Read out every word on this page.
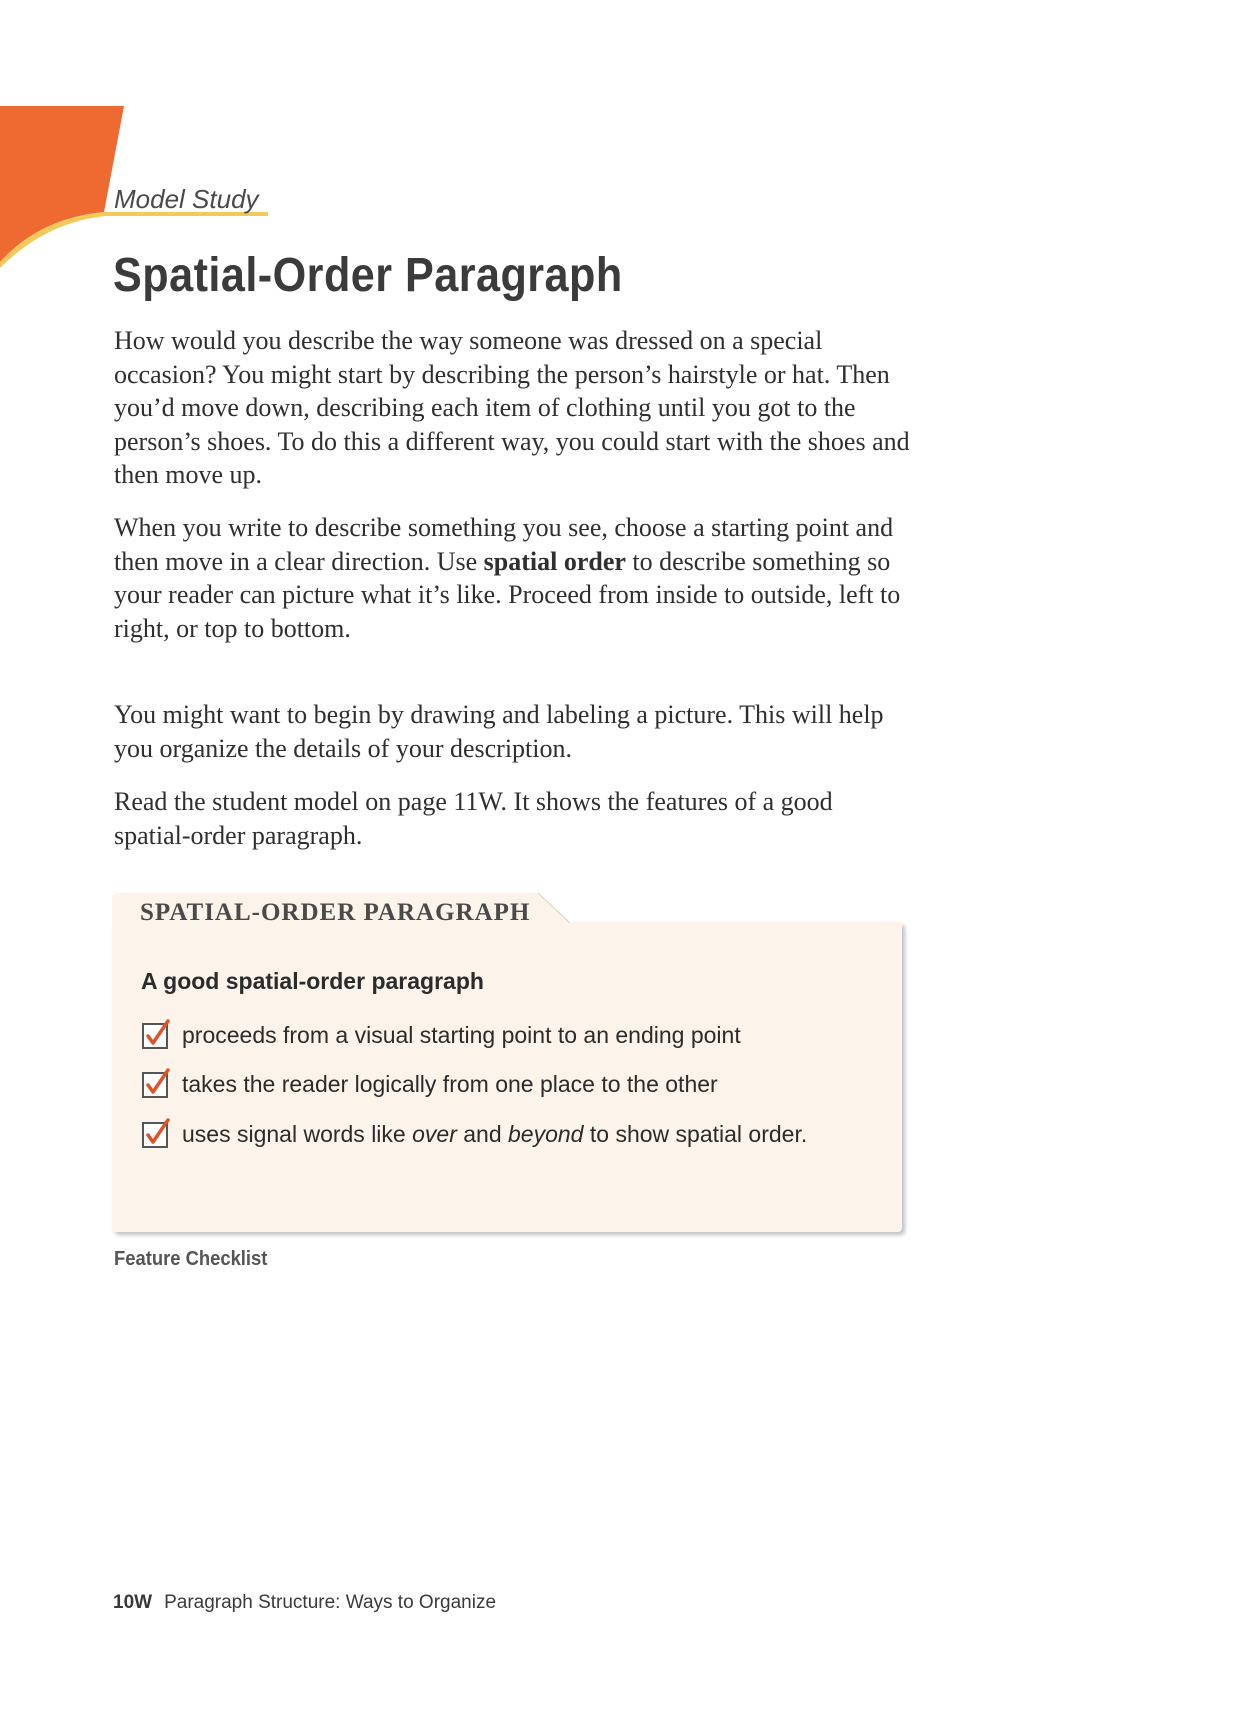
Model Study
Spatial-Order Paragraph

How would you describe the way someone was dressed on a special occasion? You might start by describing the person’s hairstyle or hat. Then you’d move down, describing each item of clothing until you got to the person’s shoes. To do this a different way, you could start with the shoes and then move up.

When you write to describe something you see, choose a starting point and then move in a clear direction. Use spatial order to describe something so your reader can picture what it’s like. Proceed from inside to outside, left to right, or top to bottom.

You might want to begin by drawing and labeling a picture. This will help you organize the details of your description.

Read the student model on page 11W. It shows the features of a good spatial-order paragraph.

SPATIAL-ORDER PARAGRAPH
A good spatial-order paragraph
proceeds from a visual starting point to an ending point
takes the reader logically from one place to the other
uses signal words like over and beyond to show spatial order.
Feature Checklist
10W Paragraph Structure: Ways to Organize
